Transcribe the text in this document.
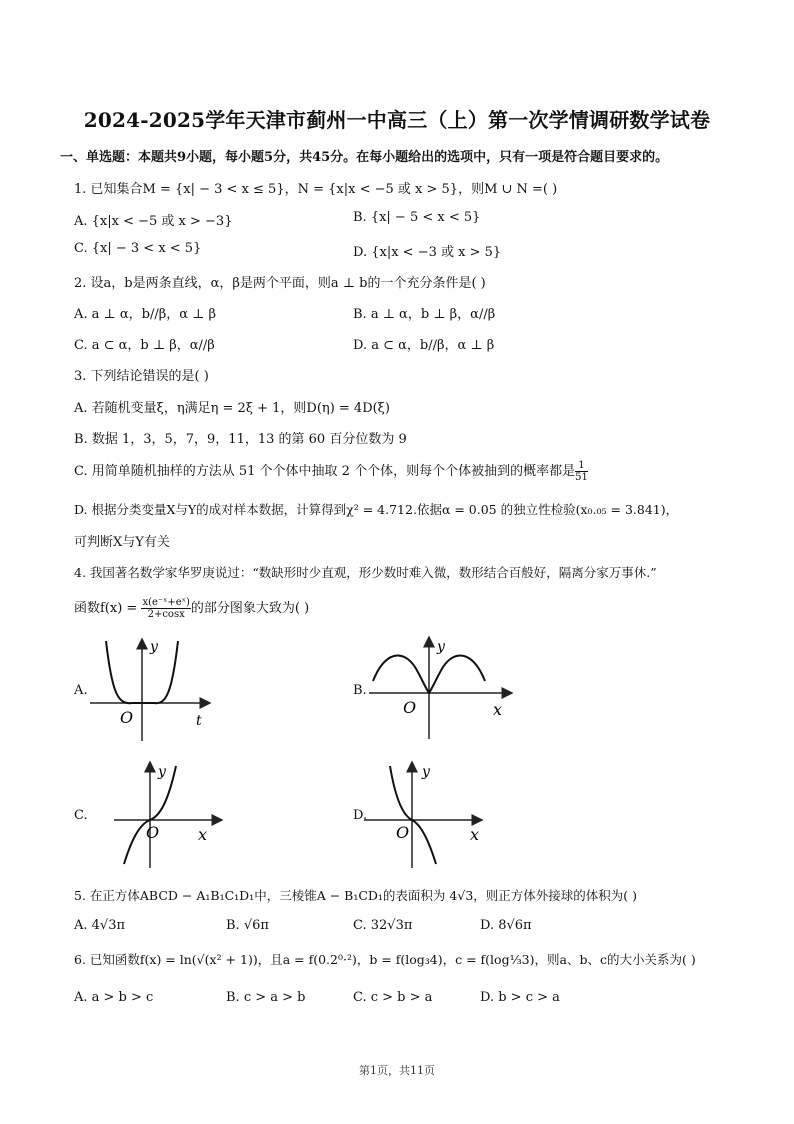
2024-2025学年天津市蓟州一中高三（上）第一次学情调研数学试卷
一、单选题：本题共9小题，每小题5分，共45分。在每小题给出的选项中，只有一项是符合题目要求的。
1. 已知集合M = {x| − 3 < x ≤ 5}，N = {x|x < −5 或 x > 5}，则M ∪ N =( )
A. {x|x < −5 或 x > −3}	B. {x| − 5 < x < 5}
C. {x| − 3 < x < 5}	D. {x|x < −3 或 x > 5}
2. 设a，b是两条直线，α，β是两个平面，则a ⊥ b的一个充分条件是( )
A. a ⊥ α，b//β，α ⊥ β	B. a ⊥ α，b ⊥ β，α//β
C. a ⊂ α，b ⊥ β，α//β	D. a ⊂ α，b//β，α ⊥ β
3. 下列结论错误的是( )
A. 若随机变量ξ，η满足η = 2ξ + 1，则D(η) = 4D(ξ)
B. 数据 1，3，5，7，9，11，13 的第 60 百分位数为 9
C. 用简单随机抽样的方法从 51 个个体中抽取 2 个个体，则每个个体被抽到的概率都是 $\frac{1}{51}$
D. 根据分类变量X与Y的成对样本数据，计算得到χ² = 4.712.依据α = 0.05 的独立性检验(x₀.₀₅ = 3.841)，
可判断X与Y有关
4. 我国著名数学家华罗庚说过：“数缺形时少直观，形少数时难入微，数形结合百般好，隔离分家万事休.”
函数$f(x) = \frac{\text{x(e⁻ˣ+eˣ)}}{2+\cos x}$ 的部分图象大致为( )
A.	B.
C.	D.
O
y
t
O
y
x
O
y
x	O
y
x
5. 在正方体ABCD − A₁B₁C₁D₁中，三棱锥A − B₁CD₁的表面积为 4√3，则正方体外接球的体积为( )
A. 4√3π	B. √6π	C. 32√3π	D. 8√6π
6. 已知函数f(x) = ln(√(x² + 1))，且a = f(0.2⁰·²)，b = f(log₃4)，c = f(log⅓3)，则a、b、c的大小关系为( )
A. a > b > c	B. c > a > b	C. c > b > a	D. b > c > a
第1页，共11页
